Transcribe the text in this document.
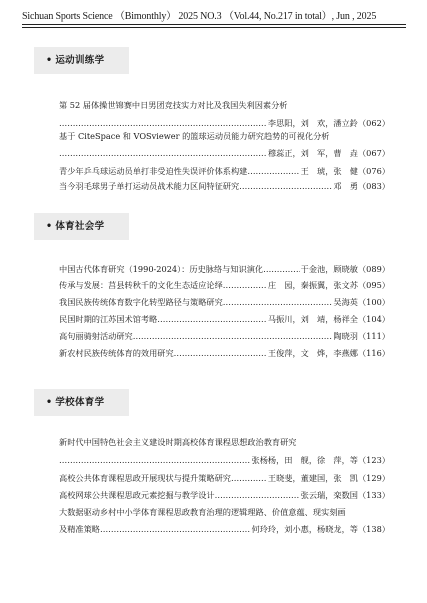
Sichuan Sports Science （Bimonthly） 2025 NO.3 （Vol.44, No.217 in total）, Jun , 2025
• 运动训练学
第 52 届体操世锦赛中日男团竞技实力对比及我国失利因素分析
…………………………………………………………………………………………………………………………………………………………………………………………
李思阳，刘　欢，潘立鈴（062）
基于 CiteSpace 和 VOSviewer 的篮球运动员能力研究趋势的可视化分析
…………………………………………………………………………………………………………………………………………………………………………………………
穆蕊正，刘　军，曹　垚（067）
青少年乒乓球运动员单打非受迫性失误评价体系构建 …………………………………………………………………………………………………………………………………………………………………………………………	王　琥，张　健（076）
当今羽毛球男子单打运动员战术能力区间特征研究 …………………………………………………………………………………………………………………………………………………………………………………………	邓　勇（083）
• 体育社会学
中国古代体育研究（1990-2024）：历史脉络与知识演化 …………………………………………………………………………………………………………………………………………………………………………………………	于金池，顾晓敏（089）
传承与发展：莒县转秋千的文化生态适应论绎 …………………………………………………………………………………………………………………………………………………………………………………………	庄　园，秦振翼，张文苏（095）
我国民族传统体育数字化转型路径与策略研究 …………………………………………………………………………………………………………………………………………………………………………………………	吴海英（100）
民国时期的江苏国术馆考略 …………………………………………………………………………………………………………………………………………………………………………………………	马振川，刘　靖，杨祥全（104）
高句丽骑射活动研究 …………………………………………………………………………………………………………………………………………………………………………………………	陶晓羽（111）
新农村民族传统体育的效用研究 …………………………………………………………………………………………………………………………………………………………………………………………	王俊萍，文　烨，李燕娜（116）
• 学校体育学
新时代中国特色社会主义建设时期高校体育课程思想政治教育研究
…………………………………………………………………………………………………………………………………………………………………………………………
张杨杨，田　舰，徐　萍，等（123）
高校公共体育课程思政开展现状与提升策略研究 …………………………………………………………………………………………………………………………………………………………………………………………	王晓斐，董建国，张　凯（129）
高校网球公共课程思政元素挖掘与教学设计 …………………………………………………………………………………………………………………………………………………………………………………………	张云瑞，栾数国（133）
大数据驱动乡村中小学体育课程思政教育治理的逻辑理路、价值意蕴、现实刻画
及精准策略 …………………………………………………………………………………………………………………………………………………………………………………………	何玲玲，刘小惠，杨晓龙，等（138）
